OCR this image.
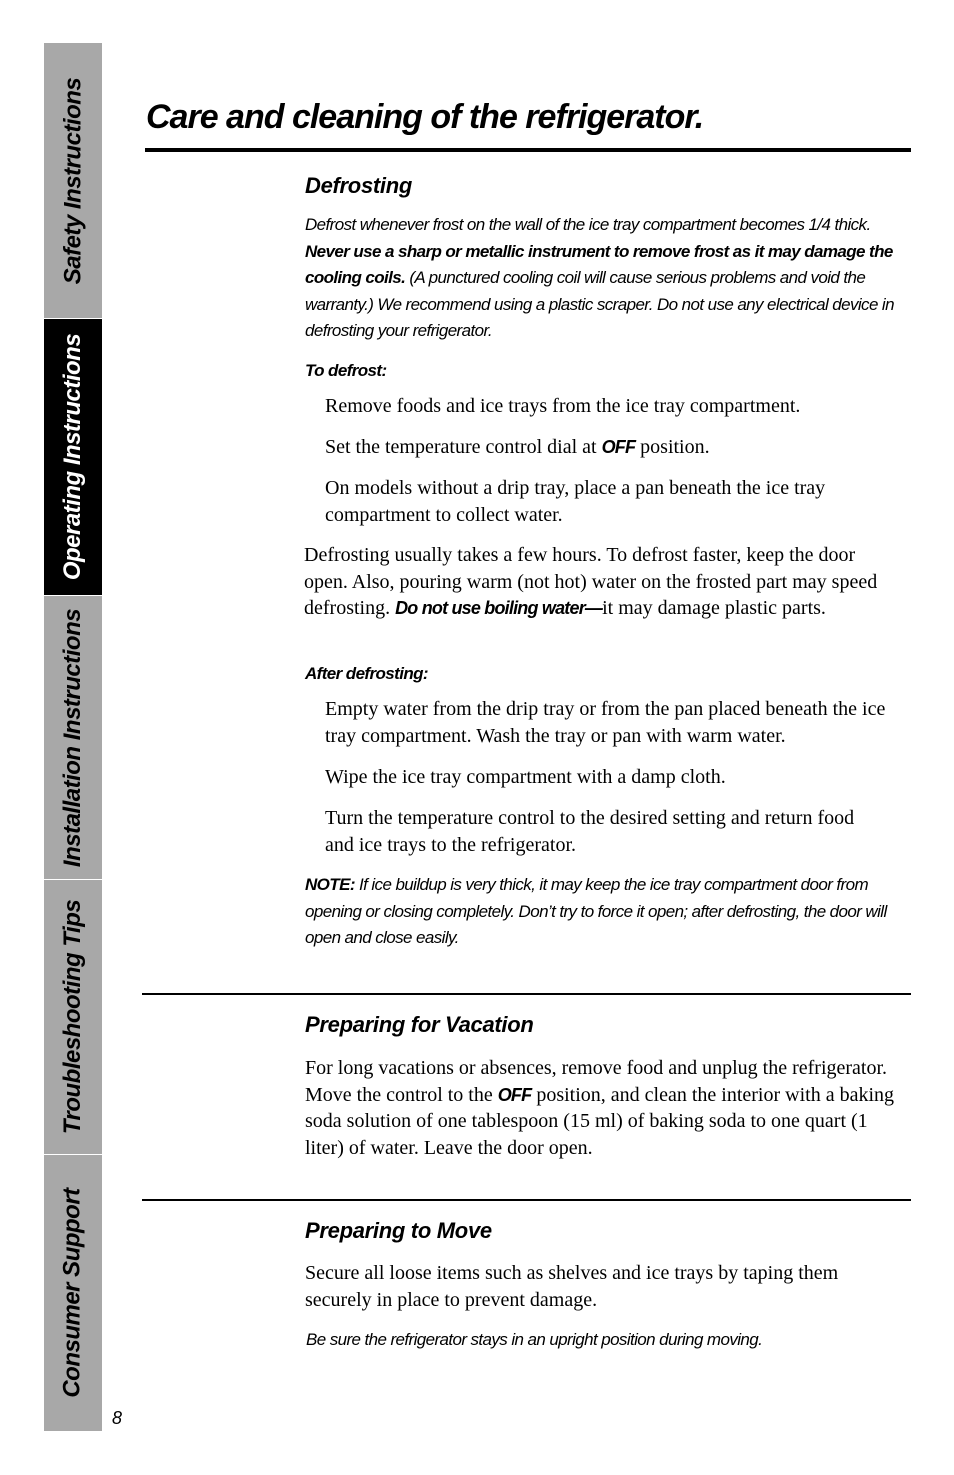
Safety Instructions
Operating Instructions
Installation Instructions
Troubleshooting Tips
Consumer Support
8
Care and cleaning of the refrigerator.
Defrosting

Defrost whenever frost on the wall of the ice tray compartment becomes 1/4 thick. Never use a sharp or metallic instrument to remove frost as it may damage the cooling coils. (A punctured cooling coil will cause serious problems and void the warranty.) We recommend using a plastic scraper. Do not use any electrical device in defrosting your refrigerator.

To defrost:

Remove foods and ice trays from the ice tray compartment.

Set the temperature control dial at OFF position.

On models without a drip tray, place a pan beneath the ice tray compartment to collect water.

Defrosting usually takes a few hours. To defrost faster, keep the door open. Also, pouring warm (not hot) water on the frosted part may speed defrosting. Do not use boiling water—it may damage plastic parts.

After defrosting:

Empty water from the drip tray or from the pan placed beneath the ice tray compartment. Wash the tray or pan with warm water.

Wipe the ice tray compartment with a damp cloth.

Turn the temperature control to the desired setting and return food and ice trays to the refrigerator.

NOTE: If ice buildup is very thick, it may keep the ice tray compartment door from opening or closing completely. Don’t try to force it open; after defrosting, the door will open and close easily.

Preparing for Vacation

For long vacations or absences, remove food and unplug the refrigerator. Move the control to the OFF position, and clean the interior with a baking soda solution of one tablespoon (15 ml) of baking soda to one quart (1 liter) of water. Leave the door open.

Preparing to Move

Secure all loose items such as shelves and ice trays by taping them securely in place to prevent damage.

Be sure the refrigerator stays in an upright position during moving.
